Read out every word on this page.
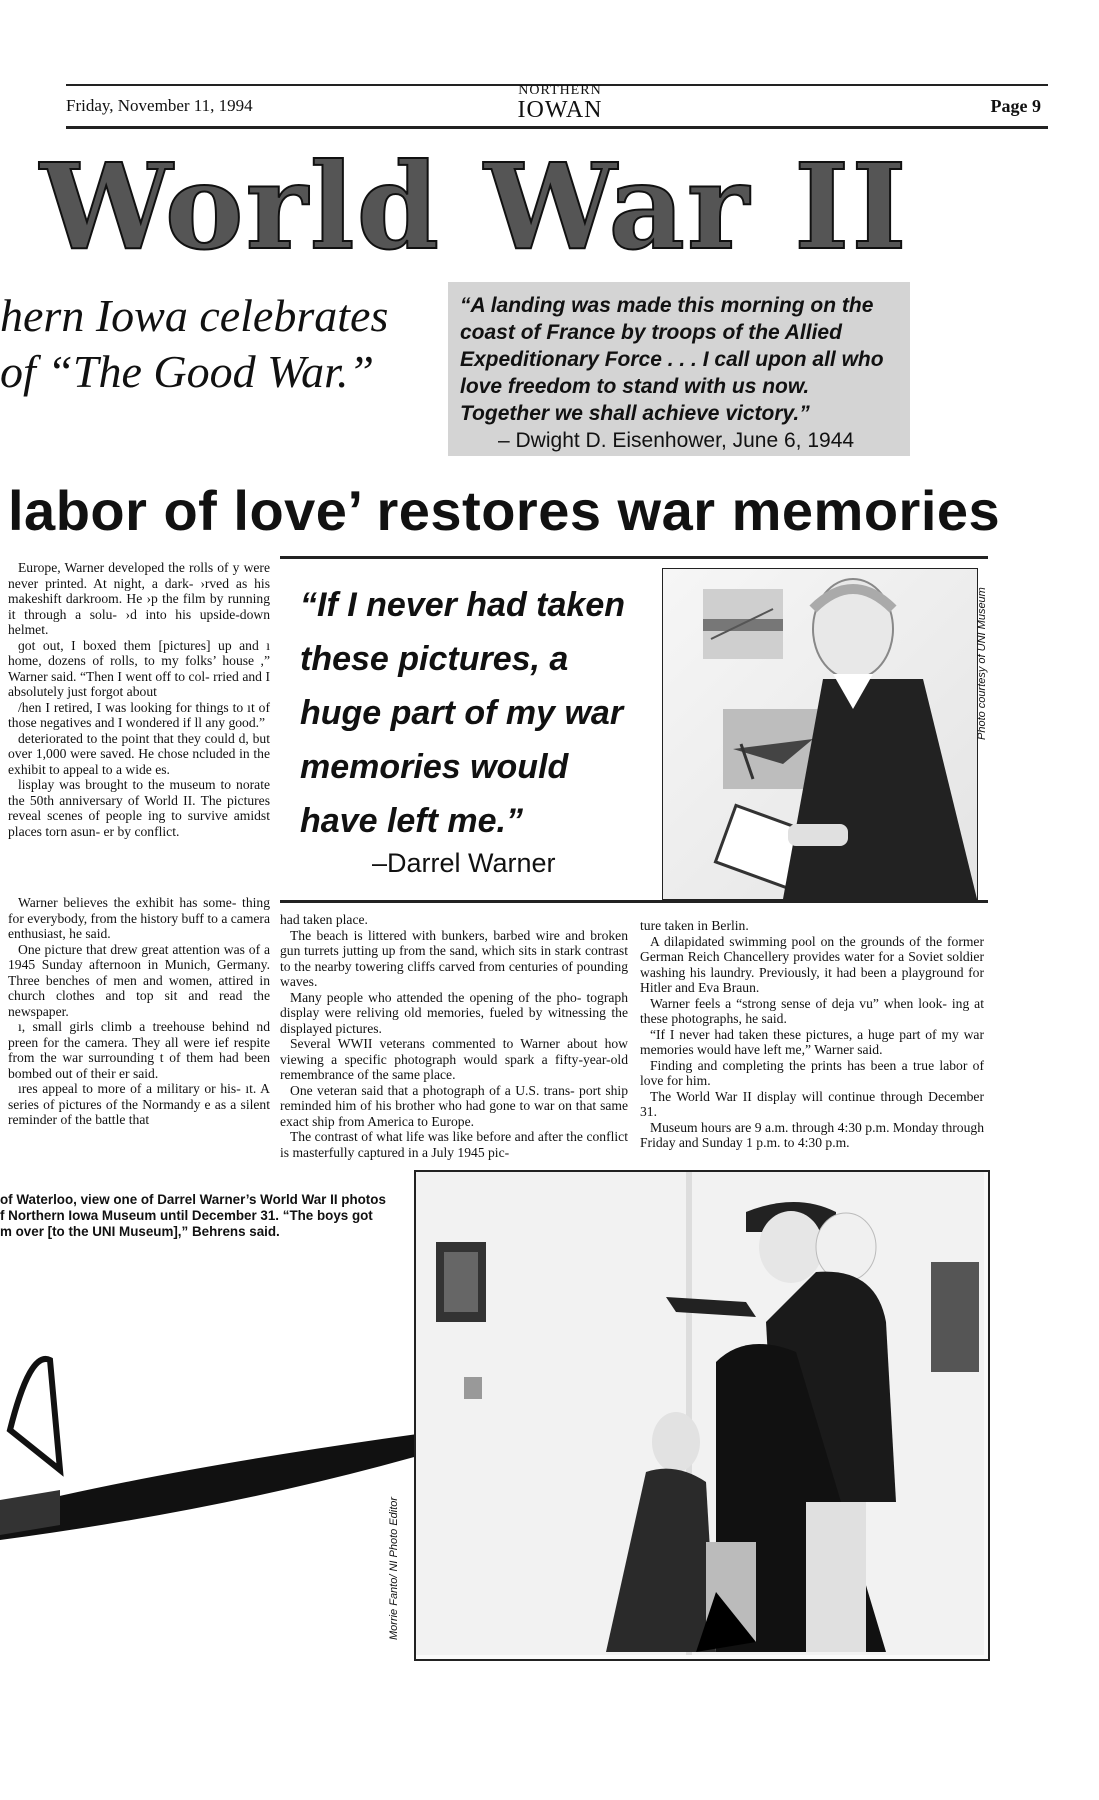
Friday, November 11, 1994
NORTHERN
IOWAN	Page 9
World War II
hern Iowa celebrates
of “The Good War.”
“A landing was made this morning on the
coast of France by troops of the Allied
Expeditionary Force . . . I call upon all who
love freedom to stand with us now.
Together we shall achieve victory.”
– Dwight D. Eisenhower, June 6, 1944
labor of love’ restores war memories

Europe, Warner developed the rolls of y were never printed. At night, a dark- ›rved as his makeshift darkroom. He ›p the film by running it through a solu- ›d into his upside-down helmet.

ɡot out, I boxed them [pictures] up and ı home, dozens of rolls, to my folks’ house ,” Warner said. “Then I went off to col- rried and I absolutely just forgot about

/hen I retired, I was looking for things to ıt of those negatives and I wondered if ll any good.”

deteriorated to the point that they could d, but over 1,000 were saved. He chose ncluded in the exhibit to appeal to a wide es.

lisplay was brought to the museum to norate the 50th anniversary of World II. The pictures reveal scenes of people ing to survive amidst places torn asun- er by conflict.

Warner believes the exhibit has some- thing for everybody, from the history buff to a camera enthusiast, he said.

One picture that drew great attention was of a 1945 Sunday afternoon in Munich, Germany. Three benches of men and women, attired in church clothes and top sit and read the newspaper.

ı, small girls climb a treehouse behind nd preen for the camera. They all were ief respite from the war surrounding t of them had been bombed out of their er said.

ıres appeal to more of a military or his- ıt. A series of pictures of the Normandy e as a silent reminder of the battle that

“If I never had taken
these pictures, a
huge part of my war
memories would
have left me.”
–Darrel Warner
Photo courtesy of UNI Museum

had taken place.

The beach is littered with bunkers, barbed wire and broken gun turrets jutting up from the sand, which sits in stark contrast to the nearby towering cliffs carved from centuries of pounding waves.

Many people who attended the opening of the pho- tograph display were reliving old memories, fueled by witnessing the displayed pictures.

Several WWII veterans commented to Warner about how viewing a specific photograph would spark a fifty-year-old remembrance of the same place.

One veteran said that a photograph of a U.S. trans- port ship reminded him of his brother who had gone to war on that same exact ship from America to Europe.

The contrast of what life was like before and after the conflict is masterfully captured in a July 1945 pic-

ture taken in Berlin.

A dilapidated swimming pool on the grounds of the former German Reich Chancellery provides water for a Soviet soldier washing his laundry. Previously, it had been a playground for Hitler and Eva Braun.

Warner feels a “strong sense of deja vu” when look- ing at these photographs, he said.

“If I never had taken these pictures, a huge part of my war memories would have left me,” Warner said.

Finding and completing the prints has been a true labor of love for him.

The World War II display will continue through December 31.

Museum hours are 9 a.m. through 4:30 p.m. Monday through Friday and Sunday 1 p.m. to 4:30 p.m.

of Waterloo, view one of Darrel Warner’s World War II photos
f Northern Iowa Museum until December 31. “The boys got
m over [to the UNI Museum],” Behrens said.
Morrie Fanto/ NI Photo Editor
